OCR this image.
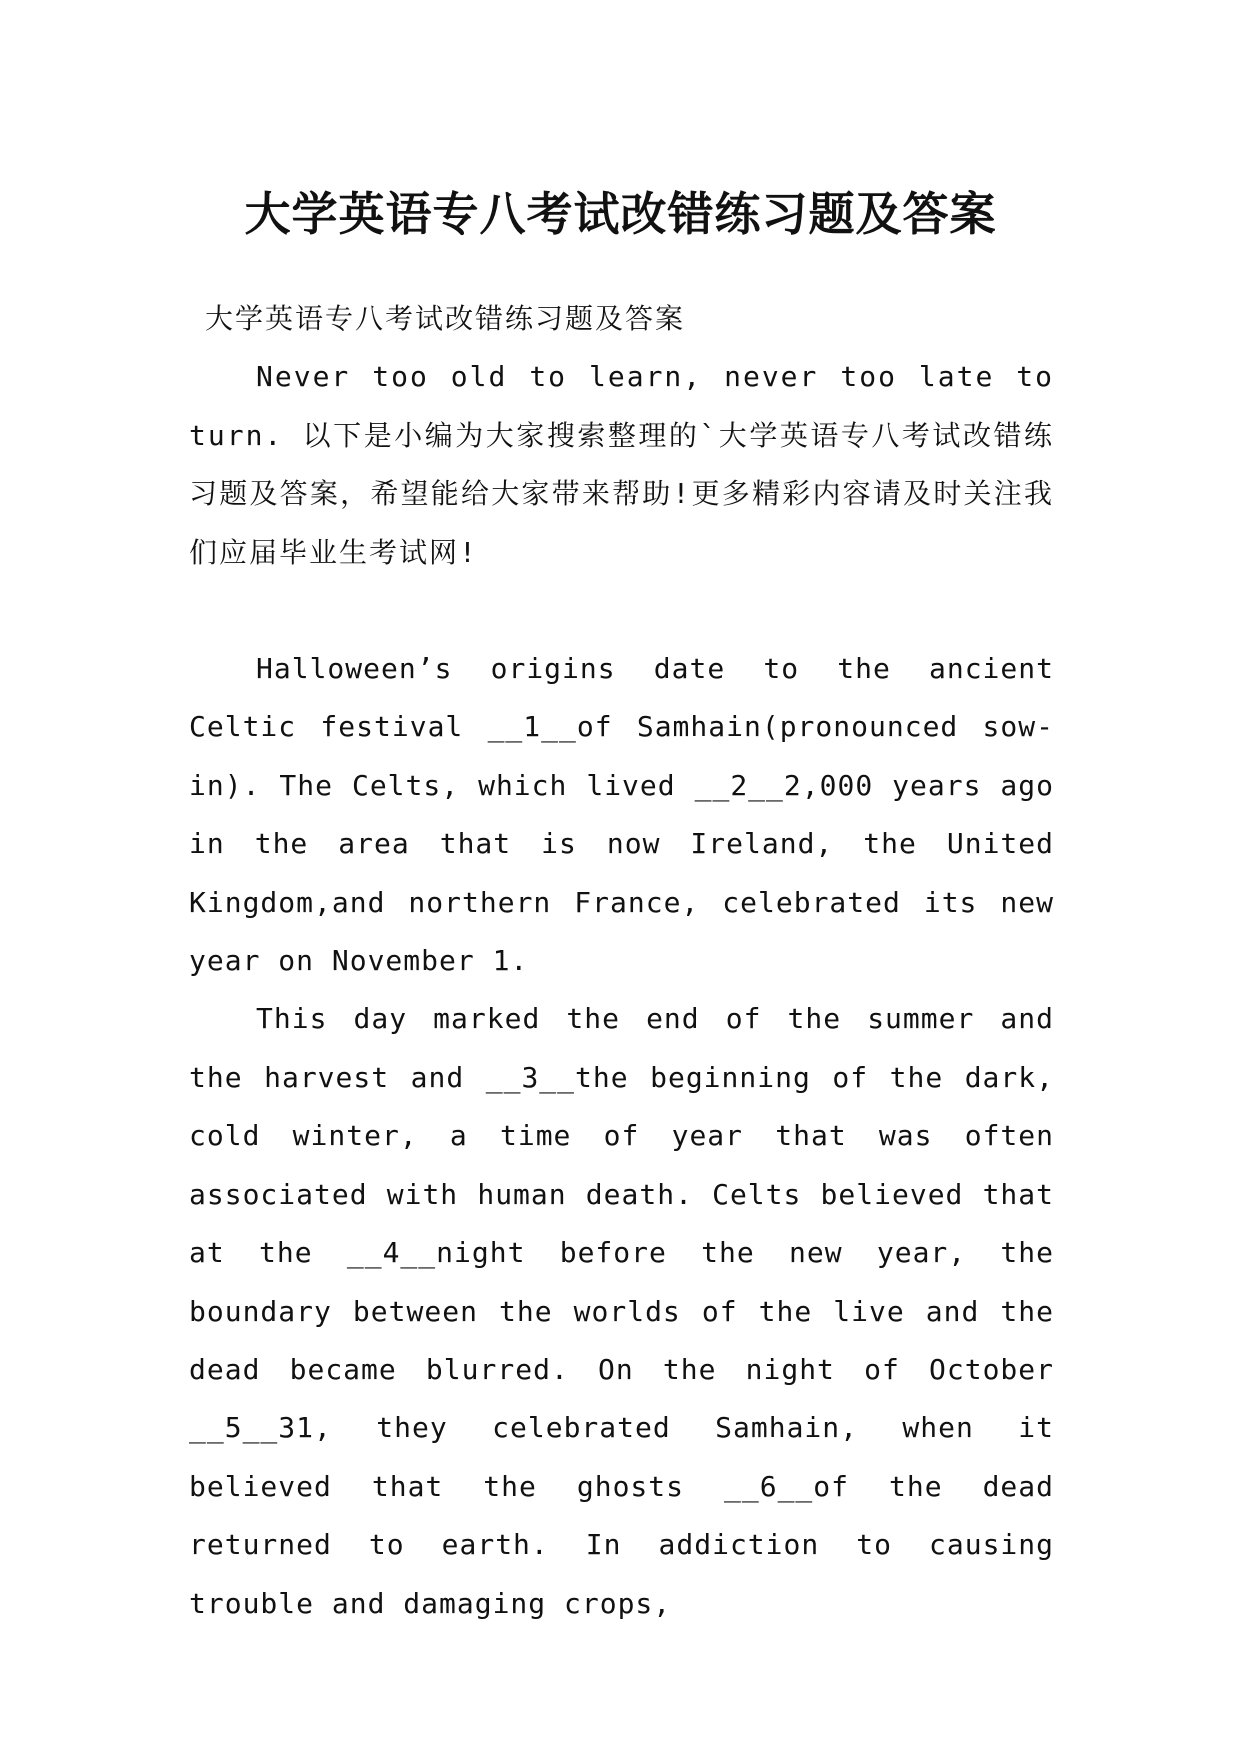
大学英语专八考试改错练习题及答案

大学英语专八考试改错练习题及答案

Never too old to learn, never too late to turn. 以下是小编为大家搜索整理的`大学英语专八考试改错练习题及答案，希望能给大家带来帮助!更多精彩内容请及时关注我们应届毕业生考试网!

Halloween’s origins date to the ancient Celtic festival __1__of Samhain(pronounced sow-in). The Celts, which lived __2__2,000 years ago in the area that is now Ireland, the United Kingdom,and northern France, celebrated its new year on November 1.

This day marked the end of the summer and the harvest and __3__the beginning of the dark, cold winter, a time of year that was often associated with human death. Celts believed that at the __4__night before the new year, the boundary between the worlds of the live and the dead became blurred. On the night of October __5__31, they celebrated Samhain, when it believed that the ghosts __6__of the dead returned to earth. In addiction to causing trouble and damaging crops,
